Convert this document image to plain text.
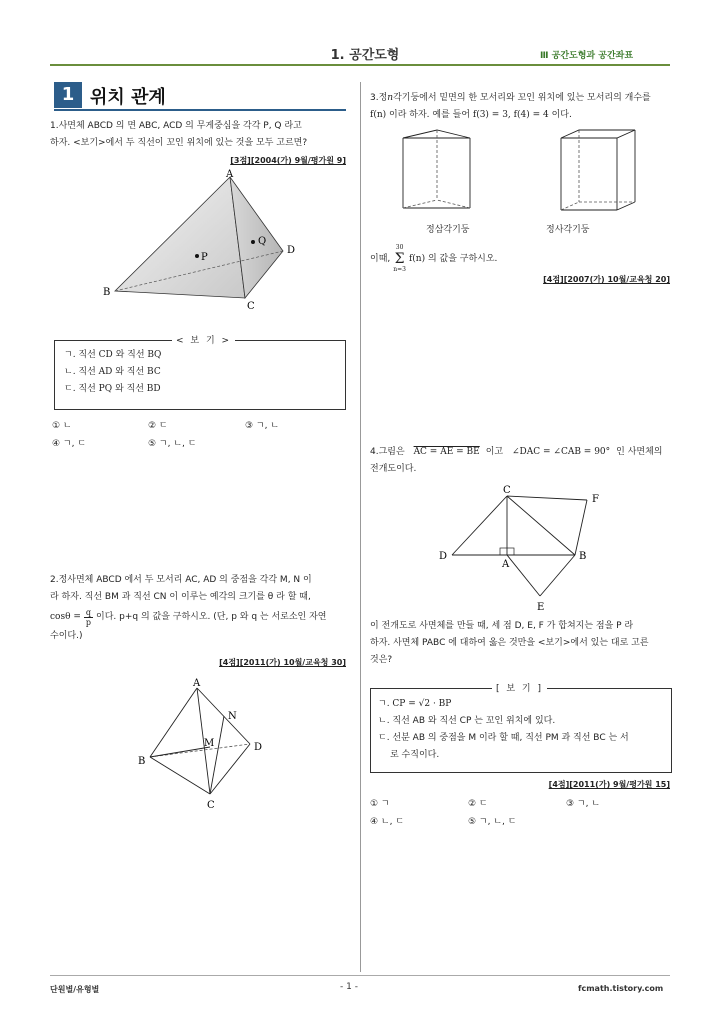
1. 공간도형	Ⅲ 공간도형과 공간좌표
1 위치 관계
1.사면체 ABCD 의 면 ABC, ACD 의 무게중심을 각각 P, Q 라고
하자. <보기>에서 두 직선이 꼬인 위치에 있는 것을 모두 고르면?
[3점][2004(가) 9월/평가원 9]
A
B
C
D
P
Q
< 보 기 >
ㄱ. 직선 CD 와 직선 BQ
ㄴ. 직선 AD 와 직선 BC
ㄷ. 직선 PQ 와 직선 BD
① ㄴ	② ㄷ	③ ㄱ, ㄴ
④ ㄱ, ㄷ	⑤ ㄱ, ㄴ, ㄷ
2.정사면체 ABCD 에서 두 모서리 AC, AD 의 중점을 각각 M, N 이
라 하자. 직선 BM 과 직선 CN 이 이루는 예각의 크기를 θ 라 할 때,
$\cos\theta = \frac{q}{p}$ 이다. p+q 의 값을 구하시오. (단, p 와 q 는 서로소인 자연
수이다.)
[4점][2011(가) 10월/교육청 30]
A
B
C
D
M
N
3.정n각기둥에서 밑면의 한 모서리와 꼬인 위치에 있는 모서리의 개수를
f(n) 이라 하자. 예를 들어 f(3) = 3, f(4) = 4 이다.
정삼각기둥	정사각기둥
이때,
30
Σ
n=3
f(n) 의 값을 구하시오.
[4점][2007(가) 10월/교육청 20]
4.그림은 AC = AE = BE 이고 ∠DAC = ∠CAB = 90° 인 사면체의
전개도이다.
C
F
D
A
B
E
이 전개도로 사면체를 만들 때, 세 점 D, E, F 가 합쳐지는 점을 P 라
하자. 사면체 PABC 에 대하여 옳은 것만을 <보기>에서 있는 대로 고른
것은?
[ 보 기 ]
ㄱ. CP = √2 · BP
ㄴ. 직선 AB 와 직선 CP 는 꼬인 위치에 있다.
ㄷ. 선분 AB 의 중점을 M 이라 할 때, 직선 PM 과 직선 BC 는 서
로 수직이다.
[4점][2011(가) 9월/평가원 15]
① ㄱ	② ㄷ	③ ㄱ, ㄴ
④ ㄴ, ㄷ	⑤ ㄱ, ㄴ, ㄷ
단원별/유형별	- 1 -	fcmath.tistory.com
